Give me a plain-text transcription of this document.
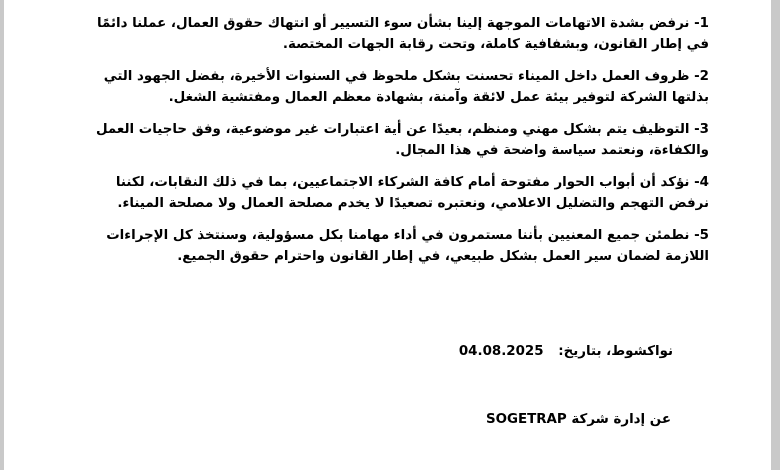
1- نرفض بشدة الاتهامات الموجهة إلينا بشأن سوء التسيير أو انتهاك حقوق العمال، عملنا دائمًا في إطار القانون، وبشفافية كاملة، وتحت رقابة الجهات المختصة.

2- ظروف العمل داخل الميناء تحسنت بشكل ملحوظ في السنوات الأخيرة، بفضل الجهود التي بذلتها الشركة لتوفير بيئة عمل لائقة وآمنة، بشهادة معظم العمال ومفتشية الشغل.

3- التوظيف يتم بشكل مهني ومنظم، بعيدًا عن أية اعتبارات غير موضوعية، وفق حاجيات العمل والكفاءة، ونعتمد سياسة واضحة في هذا المجال.

4- نؤكد أن أبواب الحوار مفتوحة أمام كافة الشركاء الاجتماعيين، بما في ذلك النقابات، لكننا نرفض التهجم والتضليل الاعلامي، ونعتبره تصعيدًا لا يخدم مصلحة العمال ولا مصلحة الميناء.

5- نطمئن جميع المعنيين بأننا مستمرون في أداء مهامنا بكل مسؤولية، وسنتخذ كل الإجراءات اللازمة لضمان سير العمل بشكل طبيعي، في إطار القانون واحترام حقوق الجميع.

نواكشوط، بتاريخ: 04.08.2025
عن إدارة شركة SOGETRAP
